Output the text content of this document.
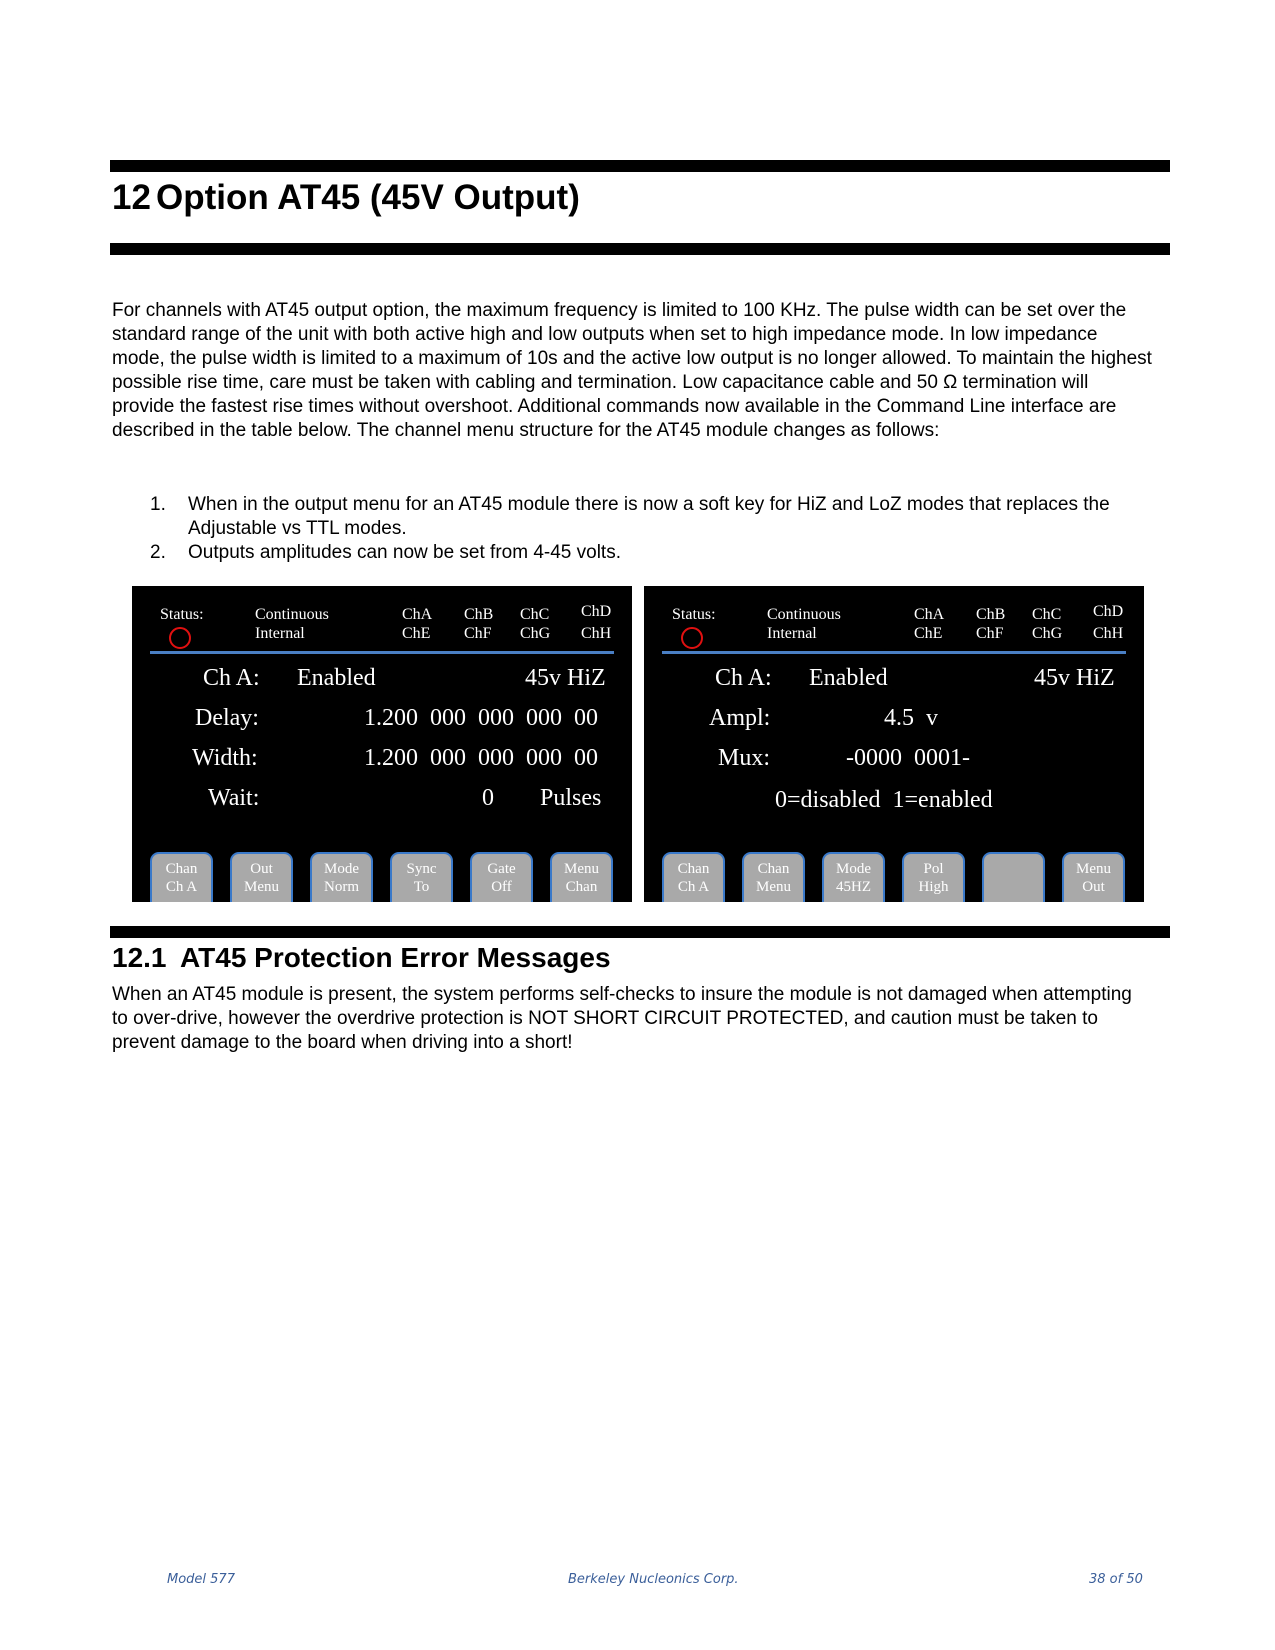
12 Option AT45 (45V Output)

For channels with AT45 output option, the maximum frequency is limited to 100 KHz. The pulse width can be set over the standard range of the unit with both active high and low outputs when set to high impedance mode. In low impedance mode, the pulse width is limited to a maximum of 10s and the active low output is no longer allowed. To maintain the highest possible rise time, care must be taken with cabling and termination. Low capacitance cable and 50 Ω termination will provide the fastest rise times without overshoot. Additional commands now available in the Command Line interface are described in the table below. The channel menu structure for the AT45 module changes as follows:

1.	When in the output menu for an AT45 module there is now a soft key for HiZ and LoZ modes that replaces the Adjustable vs TTL modes.
2.	Outputs amplitudes can now be set from 4-45 volts.
Status:	Continuous
Internal
ChA
ChE
ChB
ChF
ChC
ChG
ChD
ChH
Ch A: Enabled	45v HiZ
Delay:	1.200  000  000  000  00
Width:	1.200  000  000  000  00
Wait:	0 Pulses
Chan
Ch A
Out
Menu
Mode
Norm
Sync
To
Gate
Off
Menu
Chan
Status:	Continuous
Internal
ChA
ChE
ChB
ChF
ChC
ChG
ChD
ChH
Ch A: Enabled	45v HiZ
Ampl:	4.5  v
Mux:	-0000  0001-
0=disabled  1=enabled
Chan
Ch A
Chan
Menu
Mode
45HZ
Pol
High
Menu
Out
12.1 AT45 Protection Error Messages

When an AT45 module is present, the system performs self-checks to insure the module is not damaged when attempting to over-drive, however the overdrive protection is NOT SHORT CIRCUIT PROTECTED, and caution must be taken to prevent damage to the board when driving into a short!

Model 577	Berkeley Nucleonics Corp.	38 of 50
